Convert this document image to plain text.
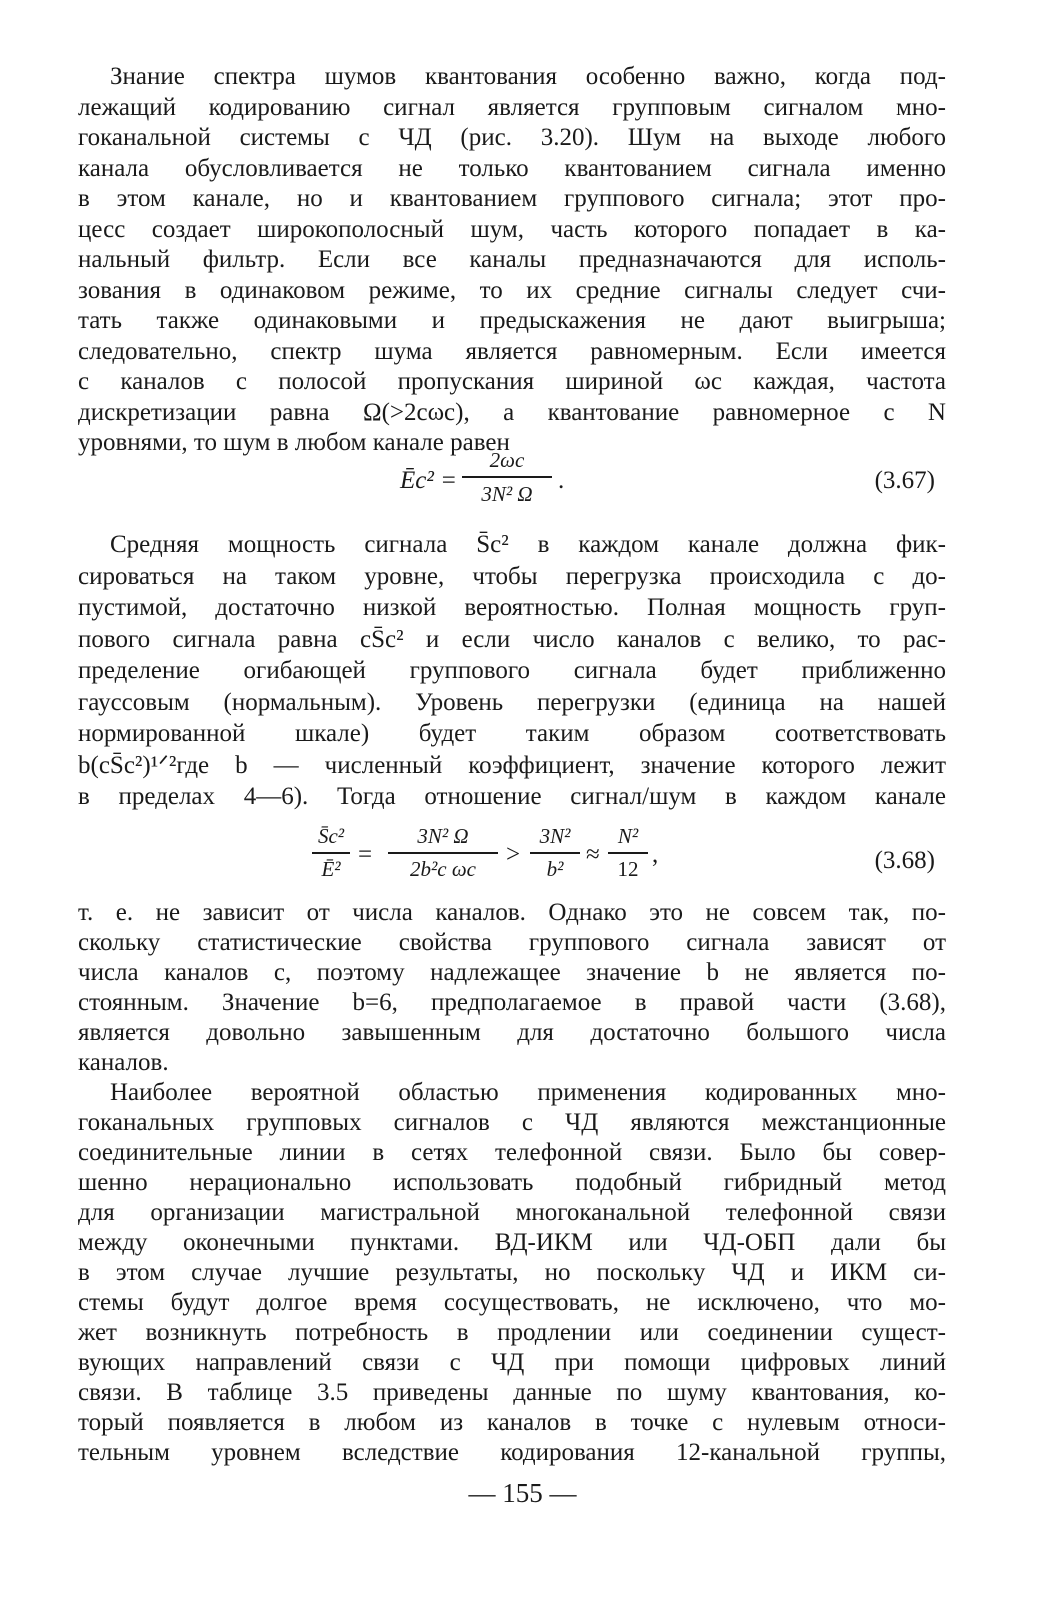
Знание спектра шумов квантования особенно важно, когда под-
лежащий кодированию сигнал является групповым сигналом мно-
гоканальной системы с ЧД (рис. 3.20). Шум на выходе любого
канала обусловливается не только квантованием сигнала именно
в этом канале, но и квантованием группового сигнала; этот про-
цесс создает широкополосный шум, часть которого попадает в ка-
нальный фильтр. Если все каналы предназначаются для исполь-
зования в одинаковом режиме, то их средние сигналы следует счи-
тать также одинаковыми и предыскажения не дают выигрыша;
следовательно, спектр шума является равномерным. Если имеется
c каналов с полосой пропускания шириной ωc каждая, частота
дискретизации равна Ω(>2cωc), а квантование равномерное с N
уровнями, то шум в любом канале равен
Ēc² =
2ωc
3N² Ω	.	(3.67)
Средняя мощность сигнала S̄c² в каждом канале должна фик-
сироваться на таком уровне, чтобы перегрузка происходила с до-
пустимой, достаточно низкой вероятностью. Полная мощность груп-
пового сигнала равна cS̄c² и если число каналов c велико, то рас-
пределение огибающей группового сигнала будет приближенно
гауссовым (нормальным). Уровень перегрузки (единица на нашей
нормированной шкале) будет таким образом соответствовать
b(cS̄c²)¹ᐟ²где b — численный коэффициент, значение которого лежит
в пределах 4—6). Тогда отношение сигнал/шум в каждом канале
S̄c²
Ē²
=
3N² Ω
2b²c ωc
>
3N²
b²
≈
N²
12
,	(3.68)
т. е. не зависит от числа каналов. Однако это не совсем так, по-
скольку статистические свойства группового сигнала зависят от
числа каналов c, поэтому надлежащее значение b не является по-
стоянным. Значение b=6, предполагаемое в правой части (3.68),
является довольно завышенным для достаточно большого числа
каналов.
Наиболее вероятной областью применения кодированных мно-
гоканальных групповых сигналов с ЧД являются межстанционные
соединительные линии в сетях телефонной связи. Было бы совер-
шенно нерационально использовать подобный гибридный метод
для организации магистральной многоканальной телефонной связи
между оконечными пунктами. ВД-ИКМ или ЧД-ОБП дали бы
в этом случае лучшие результаты, но поскольку ЧД и ИКМ си-
стемы будут долгое время сосуществовать, не исключено, что мо-
жет возникнуть потребность в продлении или соединении сущест-
вующих направлений связи с ЧД при помощи цифровых линий
связи. В таблице 3.5 приведены данные по шуму квантования, ко-
торый появляется в любом из каналов в точке с нулевым относи-
тельным уровнем вследствие кодирования 12-канальной группы,
— 155 —
